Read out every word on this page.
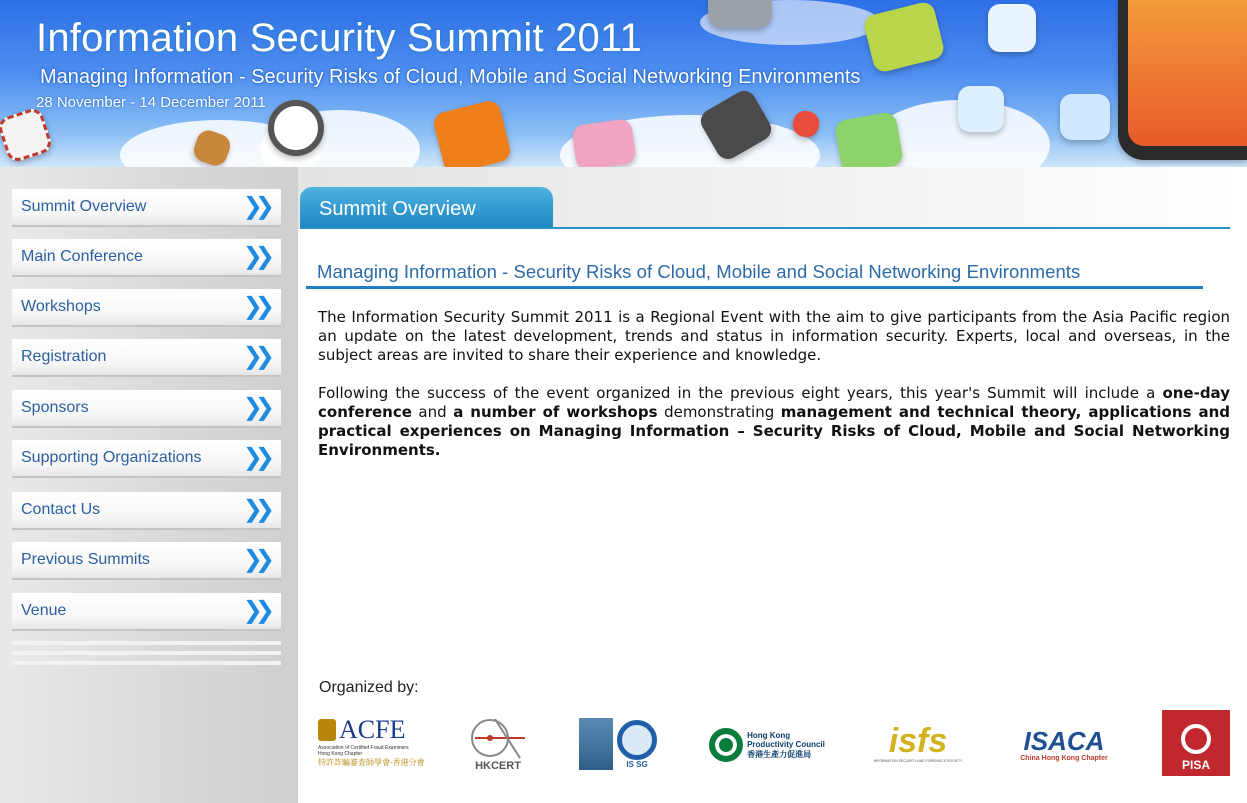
Information Security Summit 2011
Managing Information - Security Risks of Cloud, Mobile and Social Networking Environments
28 November - 14 December 2011
Summit Overview	❯❯
Main Conference	❯❯
Workshops	❯❯
Registration	❯❯
Sponsors	❯❯
Supporting Organizations ❯❯
Contact Us	❯❯
Previous Summits	❯❯
Venue	❯❯
Summit Overview
Managing Information - Security Risks of Cloud, Mobile and Social Networking Environments

The Information Security Summit 2011 is a Regional Event with the aim to give participants from the Asia Pacific region an update on the latest development, trends and status in information security. Experts, local and overseas, in the subject areas are invited to share their experience and knowledge.

Following the success of the event organized in the previous eight years, this year's Summit will include a one-day conference and a number of workshops demonstrating management and technical theory, applications and practical experiences on Managing Information – Security Risks of Cloud, Mobile and Social Networking Environments.

Organized by:
ACFE
Association of Certified Fraud Examiners
Hong Kong Chapter
特許詐騙審查師學會-香港分會	HKCERT	IS SG
Hong Kong
Productivity Council
香港生產力促進局	isfs
INFORMATION SECURITY AND FORENSICS SOCIETY
ISACA
China Hong Kong Chapter	PISA
